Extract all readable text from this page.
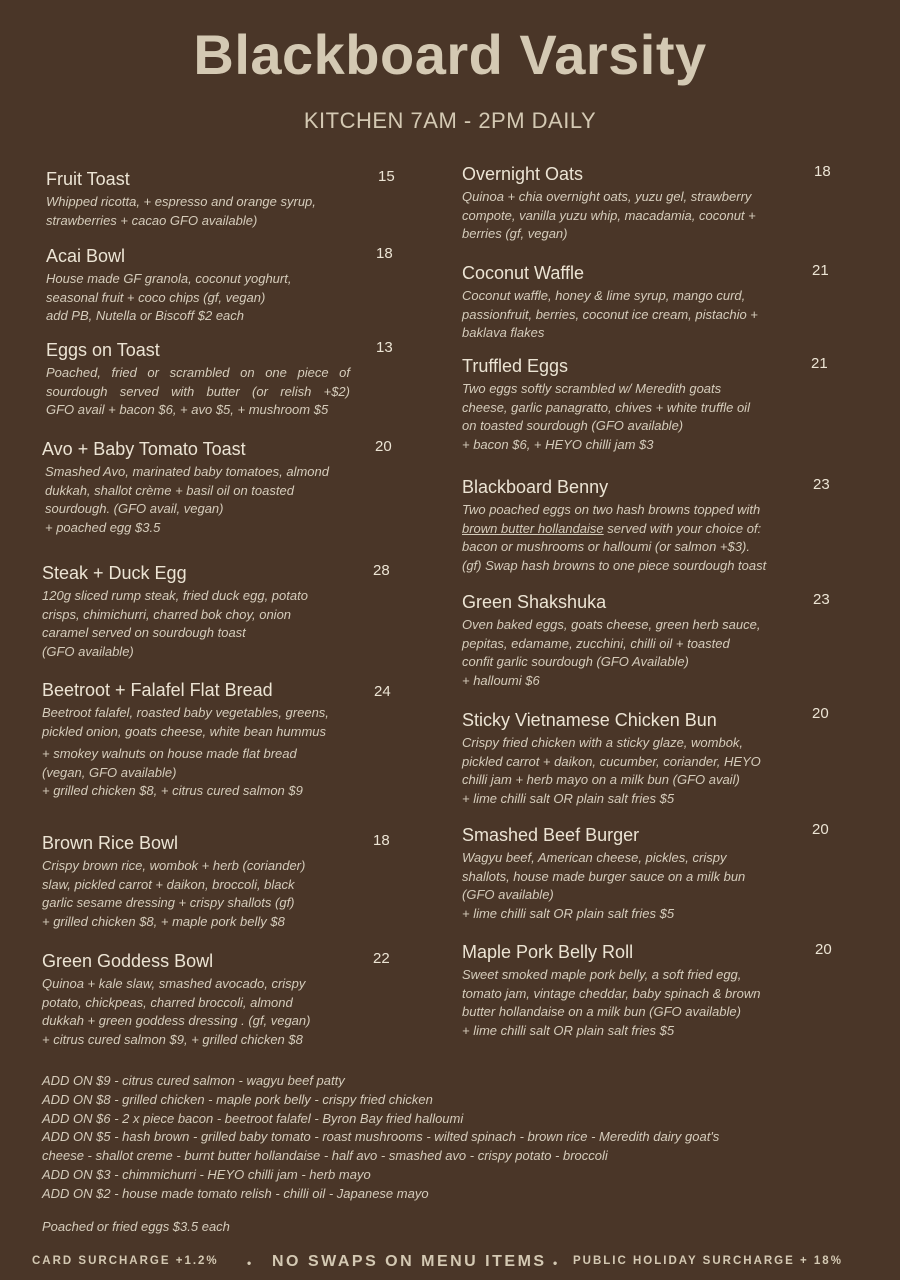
Blackboard Varsity
KITCHEN 7AM - 2PM DAILY
Fruit Toast	15
Whipped ricotta, + espresso and orange syrup,
strawberries + cacao GFO available)
Acai Bowl	18
House made GF granola, coconut yoghurt,
seasonal fruit + coco chips (gf, vegan)
add PB, Nutella or Biscoff $2 each
Eggs on Toast	13
Poached, fried or scrambled on one piece of
sourdough served with butter (or relish +$2)
GFO avail + bacon $6, + avo $5, + mushroom $5
Avo + Baby Tomato Toast	20
Smashed Avo, marinated baby tomatoes, almond
dukkah, shallot crème + basil oil on toasted
sourdough. (GFO avail, vegan)
+ poached egg $3.5
Steak + Duck Egg	28
120g sliced rump steak, fried duck egg, potato
crisps, chimichurri, charred bok choy, onion
caramel served on sourdough toast
(GFO available)
Beetroot + Falafel Flat Bread	24
Beetroot falafel, roasted baby vegetables, greens,
pickled onion, goats cheese, white bean hummus
+ smokey walnuts on house made flat bread
(vegan, GFO available)
+ grilled chicken $8, + citrus cured salmon $9
Brown Rice Bowl	18
Crispy brown rice, wombok + herb (coriander)
slaw, pickled carrot + daikon, broccoli, black
garlic sesame dressing + crispy shallots (gf)
+ grilled chicken $8, + maple pork belly $8
Green Goddess Bowl	22
Quinoa + kale slaw, smashed avocado, crispy
potato, chickpeas, charred broccoli, almond
dukkah + green goddess dressing . (gf, vegan)
+ citrus cured salmon $9, + grilled chicken $8
Overnight Oats	18
Quinoa + chia overnight oats, yuzu gel, strawberry
compote, vanilla yuzu whip, macadamia, coconut +
berries (gf, vegan)
Coconut Waffle	21
Coconut waffle, honey & lime syrup, mango curd,
passionfruit, berries, coconut ice cream, pistachio +
baklava flakes
Truffled Eggs	21
Two eggs softly scrambled w/ Meredith goats
cheese, garlic panagratto, chives + white truffle oil
on toasted sourdough (GFO available)
+ bacon $6, + HEYO chilli jam $3
Blackboard Benny	23
Two poached eggs on two hash browns topped with
brown butter hollandaise served with your choice of:
bacon or mushrooms or halloumi (or salmon +$3).
(gf) Swap hash browns to one piece sourdough toast
Green Shakshuka	23
Oven baked eggs, goats cheese, green herb sauce,
pepitas, edamame, zucchini, chilli oil + toasted
confit garlic sourdough (GFO Available)
+ halloumi $6
Sticky Vietnamese Chicken Bun	20
Crispy fried chicken with a sticky glaze, wombok,
pickled carrot + daikon, cucumber, coriander, HEYO
chilli jam + herb mayo on a milk bun (GFO avail)
+ lime chilli salt OR plain salt fries $5
Smashed Beef Burger	20
Wagyu beef, American cheese, pickles, crispy
shallots, house made burger sauce on a milk bun
(GFO available)
+ lime chilli salt OR plain salt fries $5
Maple Pork Belly Roll	20
Sweet smoked maple pork belly, a soft fried egg,
tomato jam, vintage cheddar, baby spinach & brown
butter hollandaise on a milk bun (GFO available)
+ lime chilli salt OR plain salt fries $5
ADD ON $9 - citrus cured salmon - wagyu beef patty
ADD ON $8 - grilled chicken - maple pork belly - crispy fried chicken
ADD ON $6 - 2 x piece bacon - beetroot falafel - Byron Bay fried halloumi
ADD ON $5 - hash brown - grilled baby tomato - roast mushrooms - wilted spinach - brown rice - Meredith dairy goat's
cheese - shallot creme - burnt butter hollandaise - half avo - smashed avo - crispy potato - broccoli
ADD ON $3 - chimmichurri - HEYO chilli jam - herb mayo
ADD ON $2 - house made tomato relish - chilli oil - Japanese mayo
Poached or fried eggs $3.5 each
CARD SURCHARGE +1.2% • NO SWAPS ON MENU ITEMS • PUBLIC HOLIDAY SURCHARGE + 18%
